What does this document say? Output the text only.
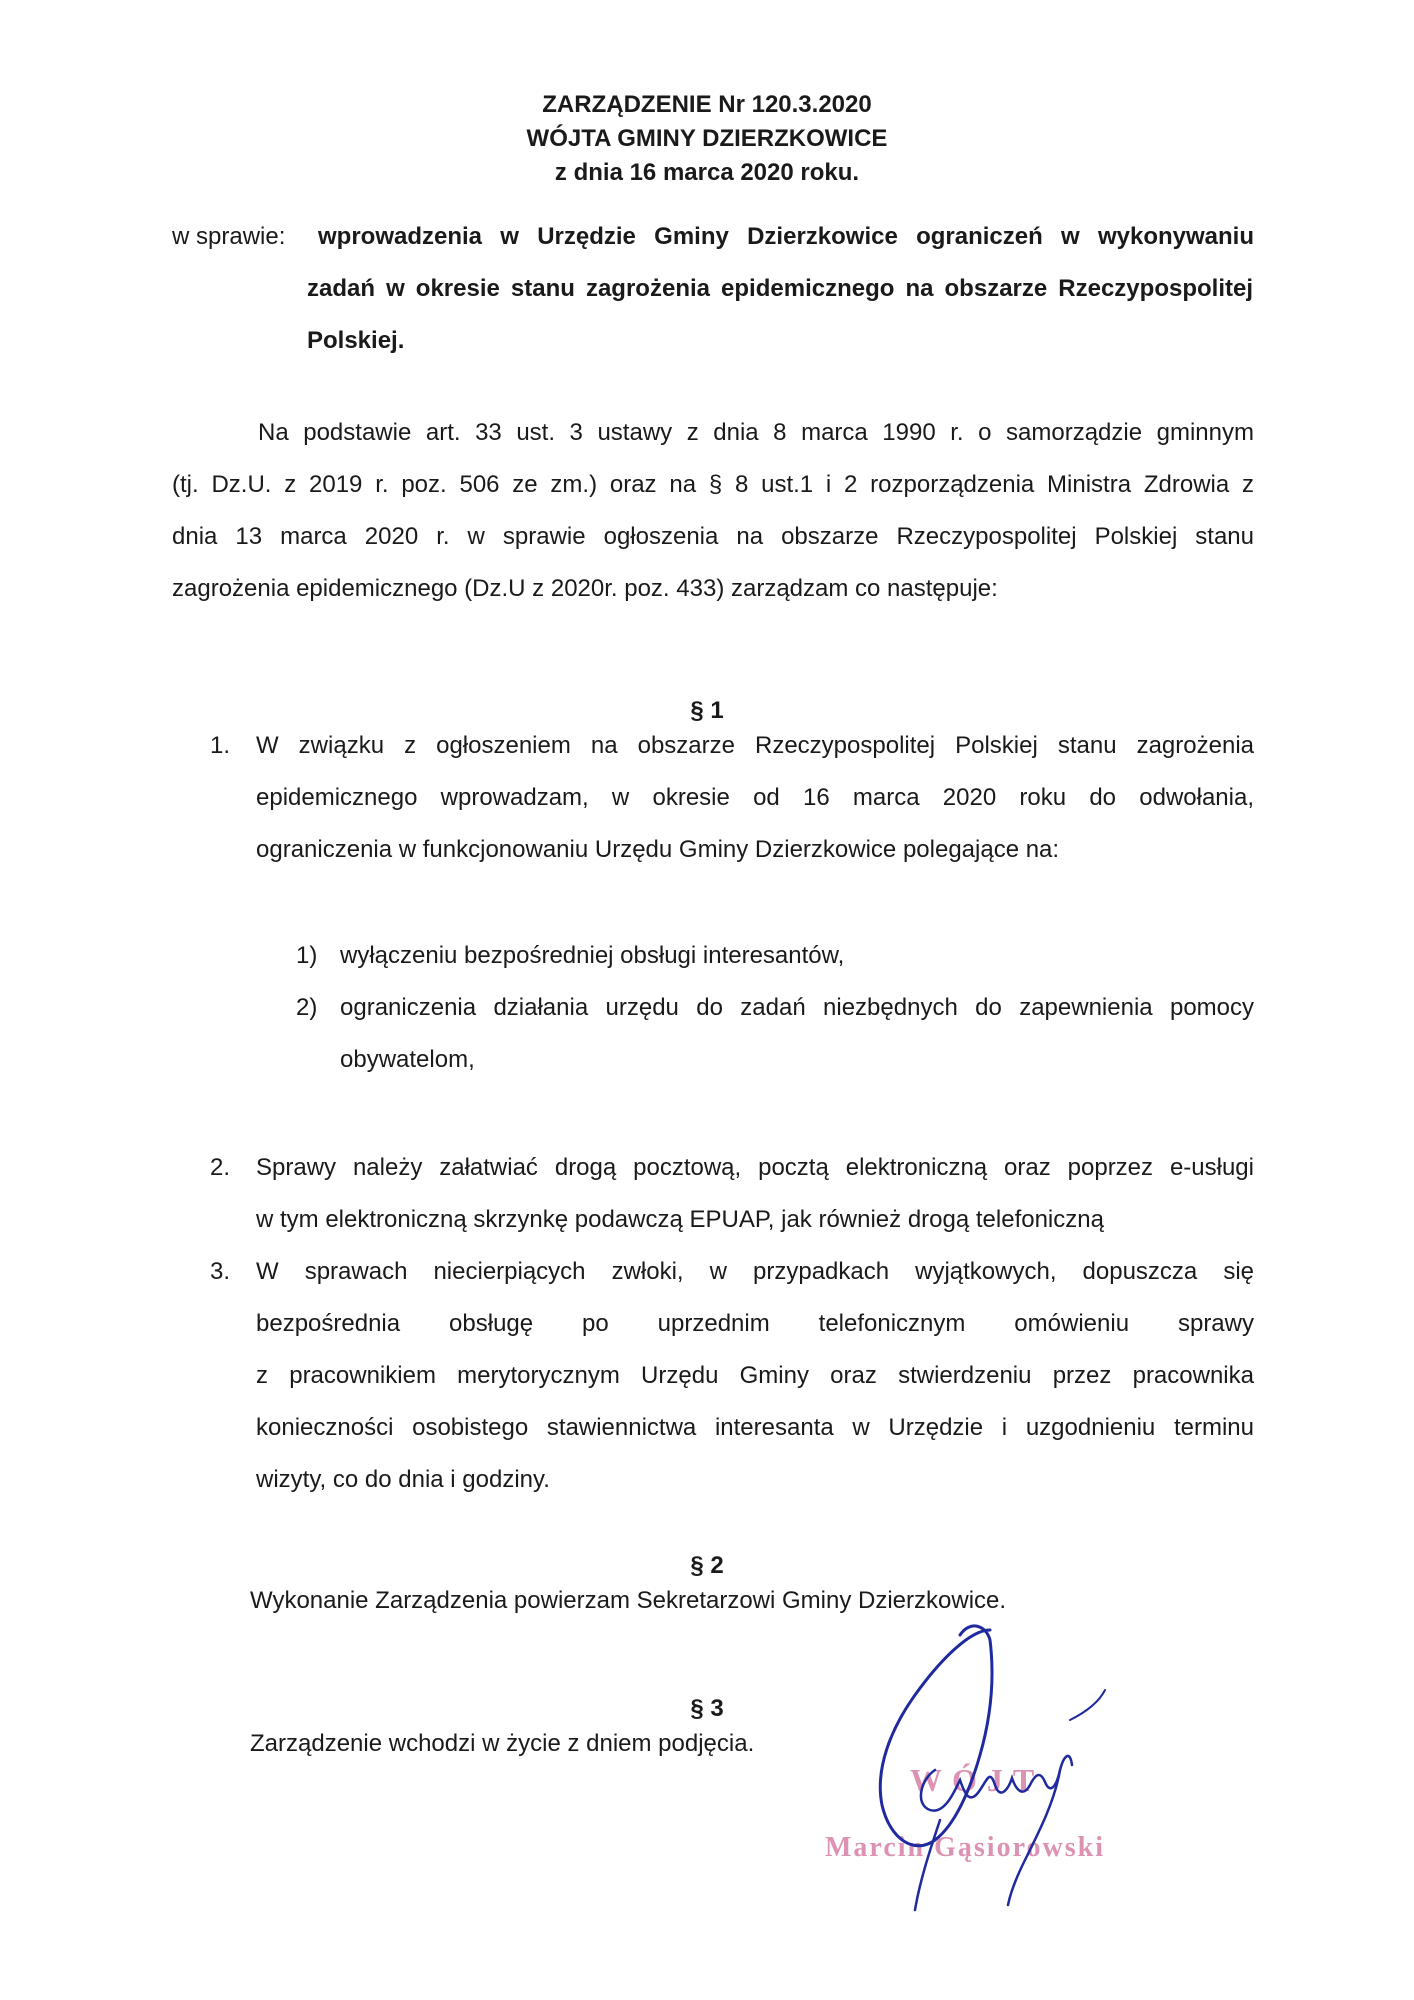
ZARZĄDZENIE Nr 120.3.2020
WÓJTA GMINY DZIERZKOWICE
z dnia 16 marca 2020 roku.
w sprawie: wprowadzenia w Urzędzie Gminy Dzierzkowice ograniczeń w wykonywaniu
zadań w okresie stanu zagrożenia epidemicznego na obszarze Rzeczypospolitej
Polskiej.
Na podstawie art. 33 ust. 3 ustawy z dnia 8 marca 1990 r. o samorządzie gminnym
(tj. Dz.U. z 2019 r. poz. 506 ze zm.) oraz na § 8 ust.1 i 2 rozporządzenia Ministra Zdrowia z
dnia 13 marca 2020 r. w sprawie ogłoszenia na obszarze Rzeczypospolitej Polskiej stanu
zagrożenia epidemicznego (Dz.U z 2020r. poz. 433) zarządzam co następuje:
§ 1
1. W związku z ogłoszeniem na obszarze Rzeczypospolitej Polskiej stanu zagrożenia
epidemicznego wprowadzam, w okresie od 16 marca 2020 roku do odwołania,
ograniczenia w funkcjonowaniu Urzędu Gminy Dzierzkowice polegające na:
1) wyłączeniu bezpośredniej obsługi interesantów,
2) ograniczenia działania urzędu do zadań niezbędnych do zapewnienia pomocy
obywatelom,
2. Sprawy należy załatwiać drogą pocztową, pocztą elektroniczną oraz poprzez e-usługi
w tym elektroniczną skrzynkę podawczą EPUAP, jak również drogą telefoniczną
3. W sprawach niecierpiących zwłoki, w przypadkach wyjątkowych, dopuszcza się
bezpośrednia obsługę po uprzednim telefonicznym omówieniu sprawy
z pracownikiem merytorycznym Urzędu Gminy oraz stwierdzeniu przez pracownika
konieczności osobistego stawiennictwa interesanta w Urzędzie i uzgodnieniu terminu
wizyty, co do dnia i godziny.
§ 2
Wykonanie Zarządzenia powierzam Sekretarzowi Gminy Dzierzkowice.
§ 3
Zarządzenie wchodzi w życie z dniem podjęcia.
WÓJT
Marcin Gąsiorowski
